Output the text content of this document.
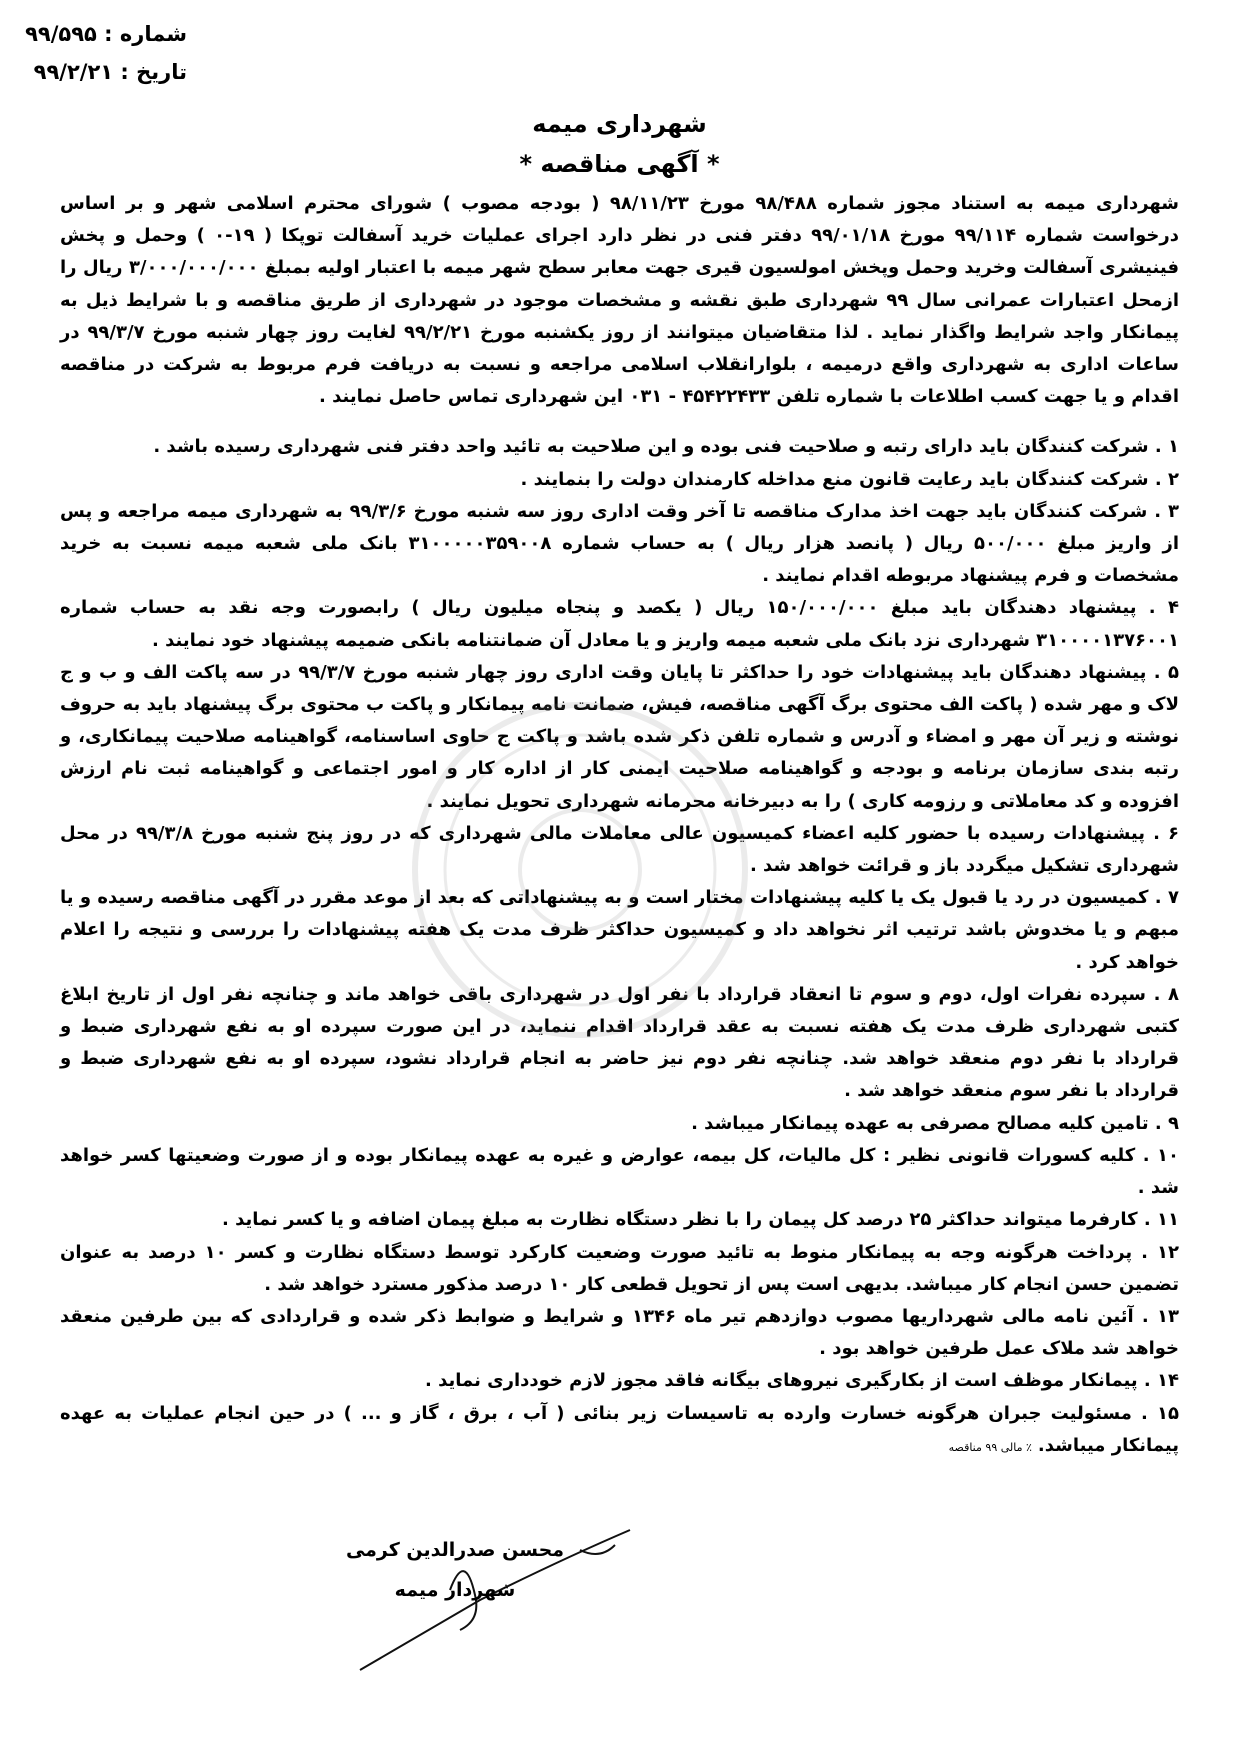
شماره : ۹۹/۵۹۵
تاریخ : ۹۹/۲/۲۱
شهرداری میمه
* آگهی مناقصه *

شهرداری میمه به استناد مجوز شماره ۹۸/۴۸۸ مورخ ۹۸/۱۱/۲۳ ( بودجه مصوب ) شورای محترم اسلامی شهر و بر اساس درخواست شماره ۹۹/۱۱۴ مورخ ۹۹/۰۱/۱۸ دفتر فنی در نظر دارد اجرای عملیات خرید آسفالت توپکا ( ۱۹-۰ ) وحمل و پخش فینیشری آسفالت وخرید وحمل وپخش امولسیون قیری جهت معابر سطح شهر میمه با اعتبار اولیه بمبلغ ۳/۰۰۰/۰۰۰/۰۰۰ ریال را ازمحل اعتبارات عمرانی سال ۹۹ شهرداری طبق نقشه و مشخصات موجود در شهرداری از طریق مناقصه و با شرایط ذیل به پیمانکار واجد شرایط واگذار نماید . لذا متقاضیان میتوانند از روز یکشنبه مورخ ۹۹/۲/۲۱ لغایت روز چهار شنبه مورخ ۹۹/۳/۷ در ساعات اداری به شهرداری واقع درمیمه ، بلوارانقلاب اسلامی مراجعه و نسبت به دریافت فرم مربوط به شرکت در مناقصه اقدام و یا جهت کسب اطلاعات با شماره تلفن ۴۵۴۲۲۴۳۳ - ۰۳۱ این شهرداری تماس حاصل نمایند .

۱ . شرکت کنندگان باید دارای رتبه و صلاحیت فنی بوده و این صلاحیت به تائید واحد دفتر فنی شهرداری رسیده باشد .

۲ . شرکت کنندگان باید رعایت قانون منع مداخله کارمندان دولت را بنمایند .

۳ . شرکت کنندگان باید جهت اخذ مدارک مناقصه تا آخر وقت اداری روز سه شنبه مورخ ۹۹/۳/۶ به شهرداری میمه مراجعه و پس از واریز مبلغ ۵۰۰/۰۰۰ ریال ( پانصد هزار ریال ) به حساب شماره ۳۱۰۰۰۰۰۳۵۹۰۰۸ بانک ملی شعبه میمه نسبت به خرید مشخصات و فرم پیشنهاد مربوطه اقدام نمایند .

۴ . پیشنهاد دهندگان باید مبلغ ۱۵۰/۰۰۰/۰۰۰ ریال ( یکصد و پنجاه میلیون ریال ) رابصورت وجه نقد به حساب شماره ۳۱۰۰۰۰۱۳۷۶۰۰۱ شهرداری نزد بانک ملی شعبه میمه واریز و یا معادل آن ضمانتنامه بانکی ضمیمه پیشنهاد خود نمایند .

۵ . پیشنهاد دهندگان باید پیشنهادات خود را حداکثر تا پایان وقت اداری روز چهار شنبه مورخ ۹۹/۳/۷ در سه پاکت الف و ب و ج لاک و مهر شده ( پاکت الف محتوی برگ آگهی مناقصه، فیش، ضمانت نامه پیمانکار و پاکت ب محتوی برگ پیشنهاد باید به حروف نوشته و زیر آن مهر و امضاء و آدرس و شماره تلفن ذکر شده باشد و پاکت ج حاوی اساسنامه، گواهینامه صلاحیت پیمانکاری، و رتبه بندی سازمان برنامه و بودجه و گواهینامه صلاحیت ایمنی کار از اداره کار و امور اجتماعی و گواهینامه ثبت نام ارزش افزوده و کد معاملاتی و رزومه کاری ) را به دبیرخانه محرمانه شهرداری تحویل نمایند .

۶ . پیشنهادات رسیده با حضور کلیه اعضاء کمیسیون عالی معاملات مالی شهرداری که در روز پنج شنبه مورخ ۹۹/۳/۸ در محل شهرداری تشکیل میگردد باز و قرائت خواهد شد .

۷ . کمیسیون در رد یا قبول یک یا کلیه پیشنهادات مختار است و به پیشنهاداتی که بعد از موعد مقرر در آگهی مناقصه رسیده و یا مبهم و یا مخدوش باشد ترتیب اثر نخواهد داد و کمیسیون حداکثر ظرف مدت یک هفته پیشنهادات را بررسی و نتیجه را اعلام خواهد کرد .

۸ . سپرده نفرات اول، دوم و سوم تا انعقاد قرارداد با نفر اول در شهرداری باقی خواهد ماند و چنانچه نفر اول از تاریخ ابلاغ کتبی شهرداری ظرف مدت یک هفته نسبت به عقد قرارداد اقدام ننماید، در این صورت سپرده او به نفع شهرداری ضبط و قرارداد با نفر دوم منعقد خواهد شد. چنانچه نفر دوم نیز حاضر به انجام قرارداد نشود، سپرده او به نفع شهرداری ضبط و قرارداد با نفر سوم منعقد خواهد شد .

۹ . تامین کلیه مصالح مصرفی به عهده پیمانکار میباشد .

۱۰ . کلیه کسورات قانونی نظیر : کل مالیات، کل بیمه، عوارض و غیره به عهده پیمانکار بوده و از صورت وضعیتها کسر خواهد شد .

۱۱ . کارفرما میتواند حداکثر ۲۵ درصد کل پیمان را با نظر دستگاه نظارت به مبلغ پیمان اضافه و یا کسر نماید .

۱۲ . پرداخت هرگونه وجه به پیمانکار منوط به تائید صورت وضعیت کارکرد توسط دستگاه نظارت و کسر ۱۰ درصد به عنوان تضمین حسن انجام کار میباشد. بدیهی است پس از تحویل قطعی کار ۱۰ درصد مذکور مسترد خواهد شد .

۱۳ . آئین نامه مالی شهرداریها مصوب دوازدهم تیر ماه ۱۳۴۶ و شرایط و ضوابط ذکر شده و قراردادی که بین طرفین منعقد خواهد شد ملاک عمل طرفین خواهد بود .

۱۴ . پیمانکار موظف است از بکارگیری نیروهای بیگانه فاقد مجوز لازم خودداری نماید .

۱۵ . مسئولیت جبران هرگونه خسارت وارده به تاسیسات زیر بنائی ( آب ، برق ، گاز و ... ) در حین انجام عملیات به عهده پیمانکار میباشد.٪ مالی ۹۹ مناقصه

محسن صدرالدین کرمی
شهردار میمه
